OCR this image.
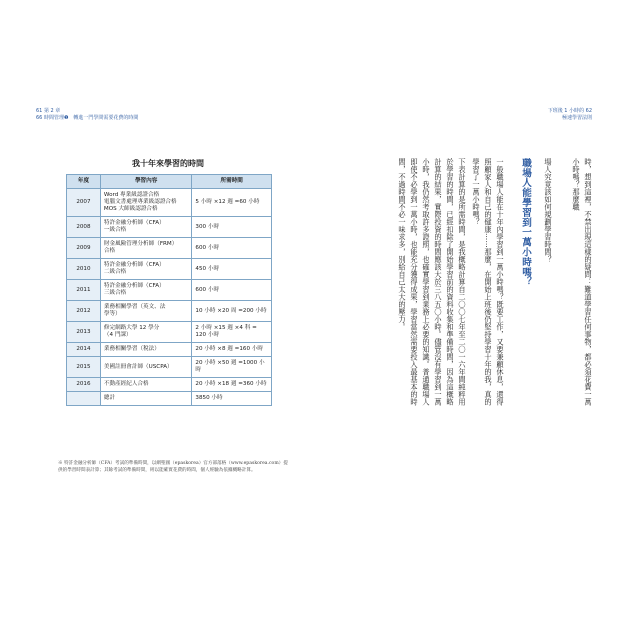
61 第 2 章
66 時間管理❶　轉進一門學問需要花費的時間
我十年來學習的時間
年度	學習內容	所需時間
2007	Word 專業級認證合格
電腦文書處理專業級認證合格
MOS 大師級認證合格	5 小時 ×12 週 =60 小時
2008	特許金融分析師（CFA）
一級合格	300 小時
2009	財金風險管理分析師（FRM）
合格	600 小時
2010	特許金融分析師（CFA）
二級合格	450 小時
2011	特許金融分析師（CFA）
三級合格	600 小時
2012	業務相關學習（英文、法
學等）	10 小時 ×20 周 =200 小時
2013	修完網路大學 12 學分
（4 門課）	2 小時 ×15 週 ×4 科 =
120 小時
2014	業務相關學習（稅法）	20 小時 ×8 週 =160 小時
2015	美國註冊會計師（USCPA）	20 小時 ×50 週 =1000 小時
2016	不動產經紀人合格	20 小時 ×18 週 =360 小時
	總計	3850 小時
※ 特許金融分析師（CFA）考試的準備時間，以網聖國（epaskorea）官方部落格（www.epaskorea.com）提供的學習時間表計算；其餘考試的準備時間，則以能確實花費的時間，個人經驗為依據概略計算。
下班後 1 小時的 62
極速學習法則

時，想到這裡，不禁出現這樣的疑問：難道學習任何事物，都必須花費一萬小時嗎？那麼職

場人究竟該如何規劃學習時間？

職場人能學習到一萬小時嗎？

一般職場人能在十年內學習到一萬小時嗎？既要工作，又要兼顧休息，還得照顧家人和自己的健康……那麼，在開始上班後仍堅持學習十年的我，真的學習了一萬小時嗎？

下表計算的是所需時間，是我概略計算自二〇〇七年至二〇一六年間純粹用於學習的時間，已經扣除了開始學習前的資料收集和準備時間，因為這概略計算的結果，實際投資的時間應該大於三八五〇小時。儘管沒有學習到一萬小時，我仍然考取許多證照，也確實學習到業務上必要的知識。普通職場人即使不必學到一萬小時，也能充分獲得成果，學習當然需要投入最基本的時間，不過時間不必一味求多，別給自己太大的壓力。
